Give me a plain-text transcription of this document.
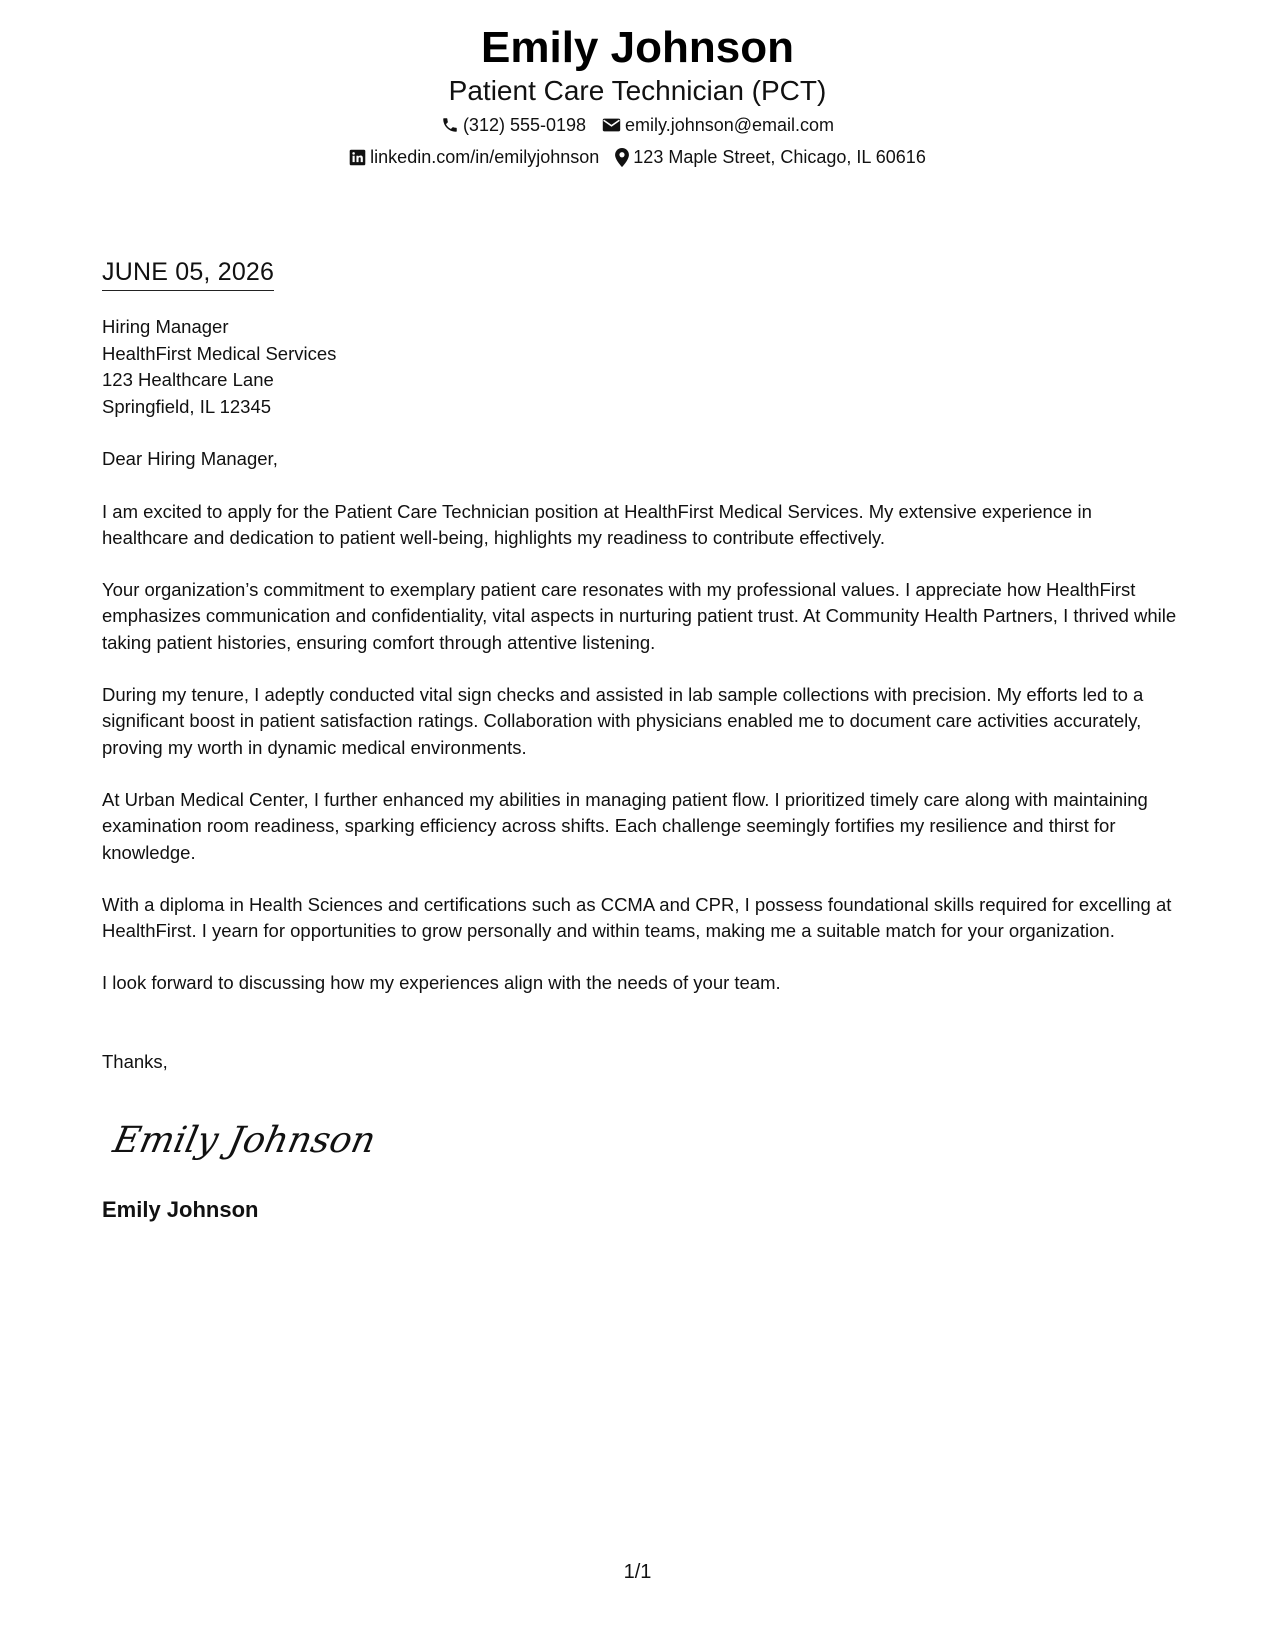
Emily Johnson
Patient Care Technician (PCT)
(312) 555-0198 emily.johnson@email.com
linkedin.com/in/emilyjohnson 123 Maple Street, Chicago, IL 60616
JUNE 05, 2026
Hiring Manager
HealthFirst Medical Services
123 Healthcare Lane
Springfield, IL 12345

Dear Hiring Manager,

I am excited to apply for the Patient Care Technician position at HealthFirst Medical Services. My extensive experience in healthcare and dedication to patient well-being, highlights my readiness to contribute effectively.

Your organization’s commitment to exemplary patient care resonates with my professional values. I appreciate how HealthFirst emphasizes communication and confidentiality, vital aspects in nurturing patient trust. At Community Health Partners, I thrived while taking patient histories, ensuring comfort through attentive listening.

During my tenure, I adeptly conducted vital sign checks and assisted in lab sample collections with precision. My efforts led to a significant boost in patient satisfaction ratings. Collaboration with physicians enabled me to document care activities accurately, proving my worth in dynamic medical environments.

At Urban Medical Center, I further enhanced my abilities in managing patient flow. I prioritized timely care along with maintaining examination room readiness, sparking efficiency across shifts. Each challenge seemingly fortifies my resilience and thirst for knowledge.

With a diploma in Health Sciences and certifications such as CCMA and CPR, I possess foundational skills required for excelling at HealthFirst. I yearn for opportunities to grow personally and within teams, making me a suitable match for your organization.

I look forward to discussing how my experiences align with the needs of your team.

Thanks,

Emily Johnson
Emily Johnson
1/1
